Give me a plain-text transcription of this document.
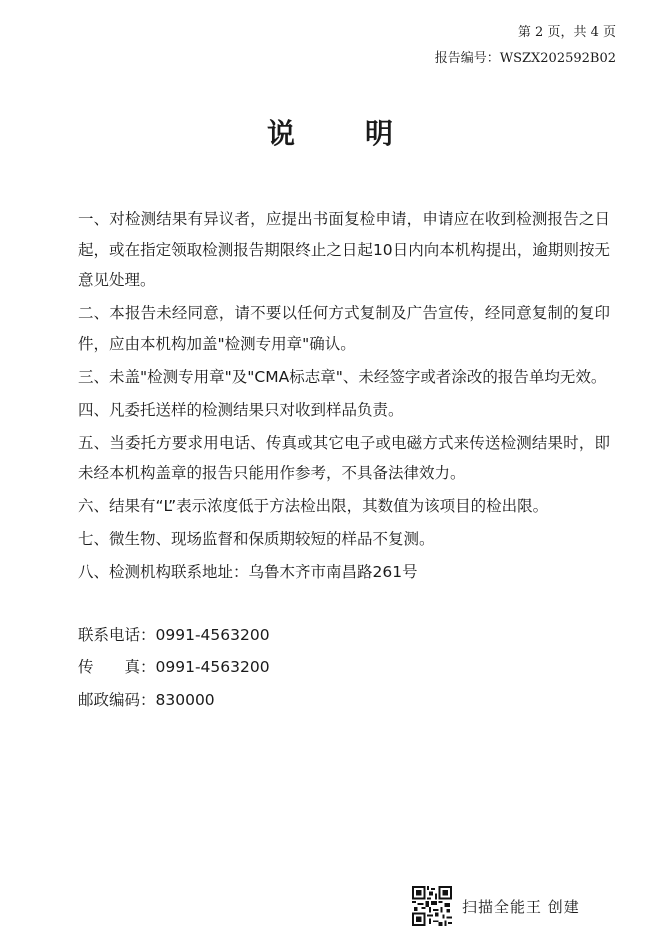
第 2 页，共 4 页
报告编号：WSZX202592B02
说 明

一、对检测结果有异议者，应提出书面复检申请，申请应在收到检测报告之日起，或在指定领取检测报告期限终止之日起10日内向本机构提出，逾期则按无意见处理。

二、本报告未经同意，请不要以任何方式复制及广告宣传，经同意复制的复印件，应由本机构加盖"检测专用章"确认。

三、未盖"检测专用章"及"CMA标志章"、未经签字或者涂改的报告单均无效。

四、凡委托送样的检测结果只对收到样品负责。

五、当委托方要求用电话、传真或其它电子或电磁方式来传送检测结果时，即未经本机构盖章的报告只能用作参考，不具备法律效力。

六、结果有“L”表示浓度低于方法检出限，其数值为该项目的检出限。

七、微生物、现场监督和保质期较短的样品不复测。

八、检测机构联系地址：乌鲁木齐市南昌路261号

联系电话：0991-4563200
传　　真：0991-4563200
邮政编码：830000
扫描全能王 创建
